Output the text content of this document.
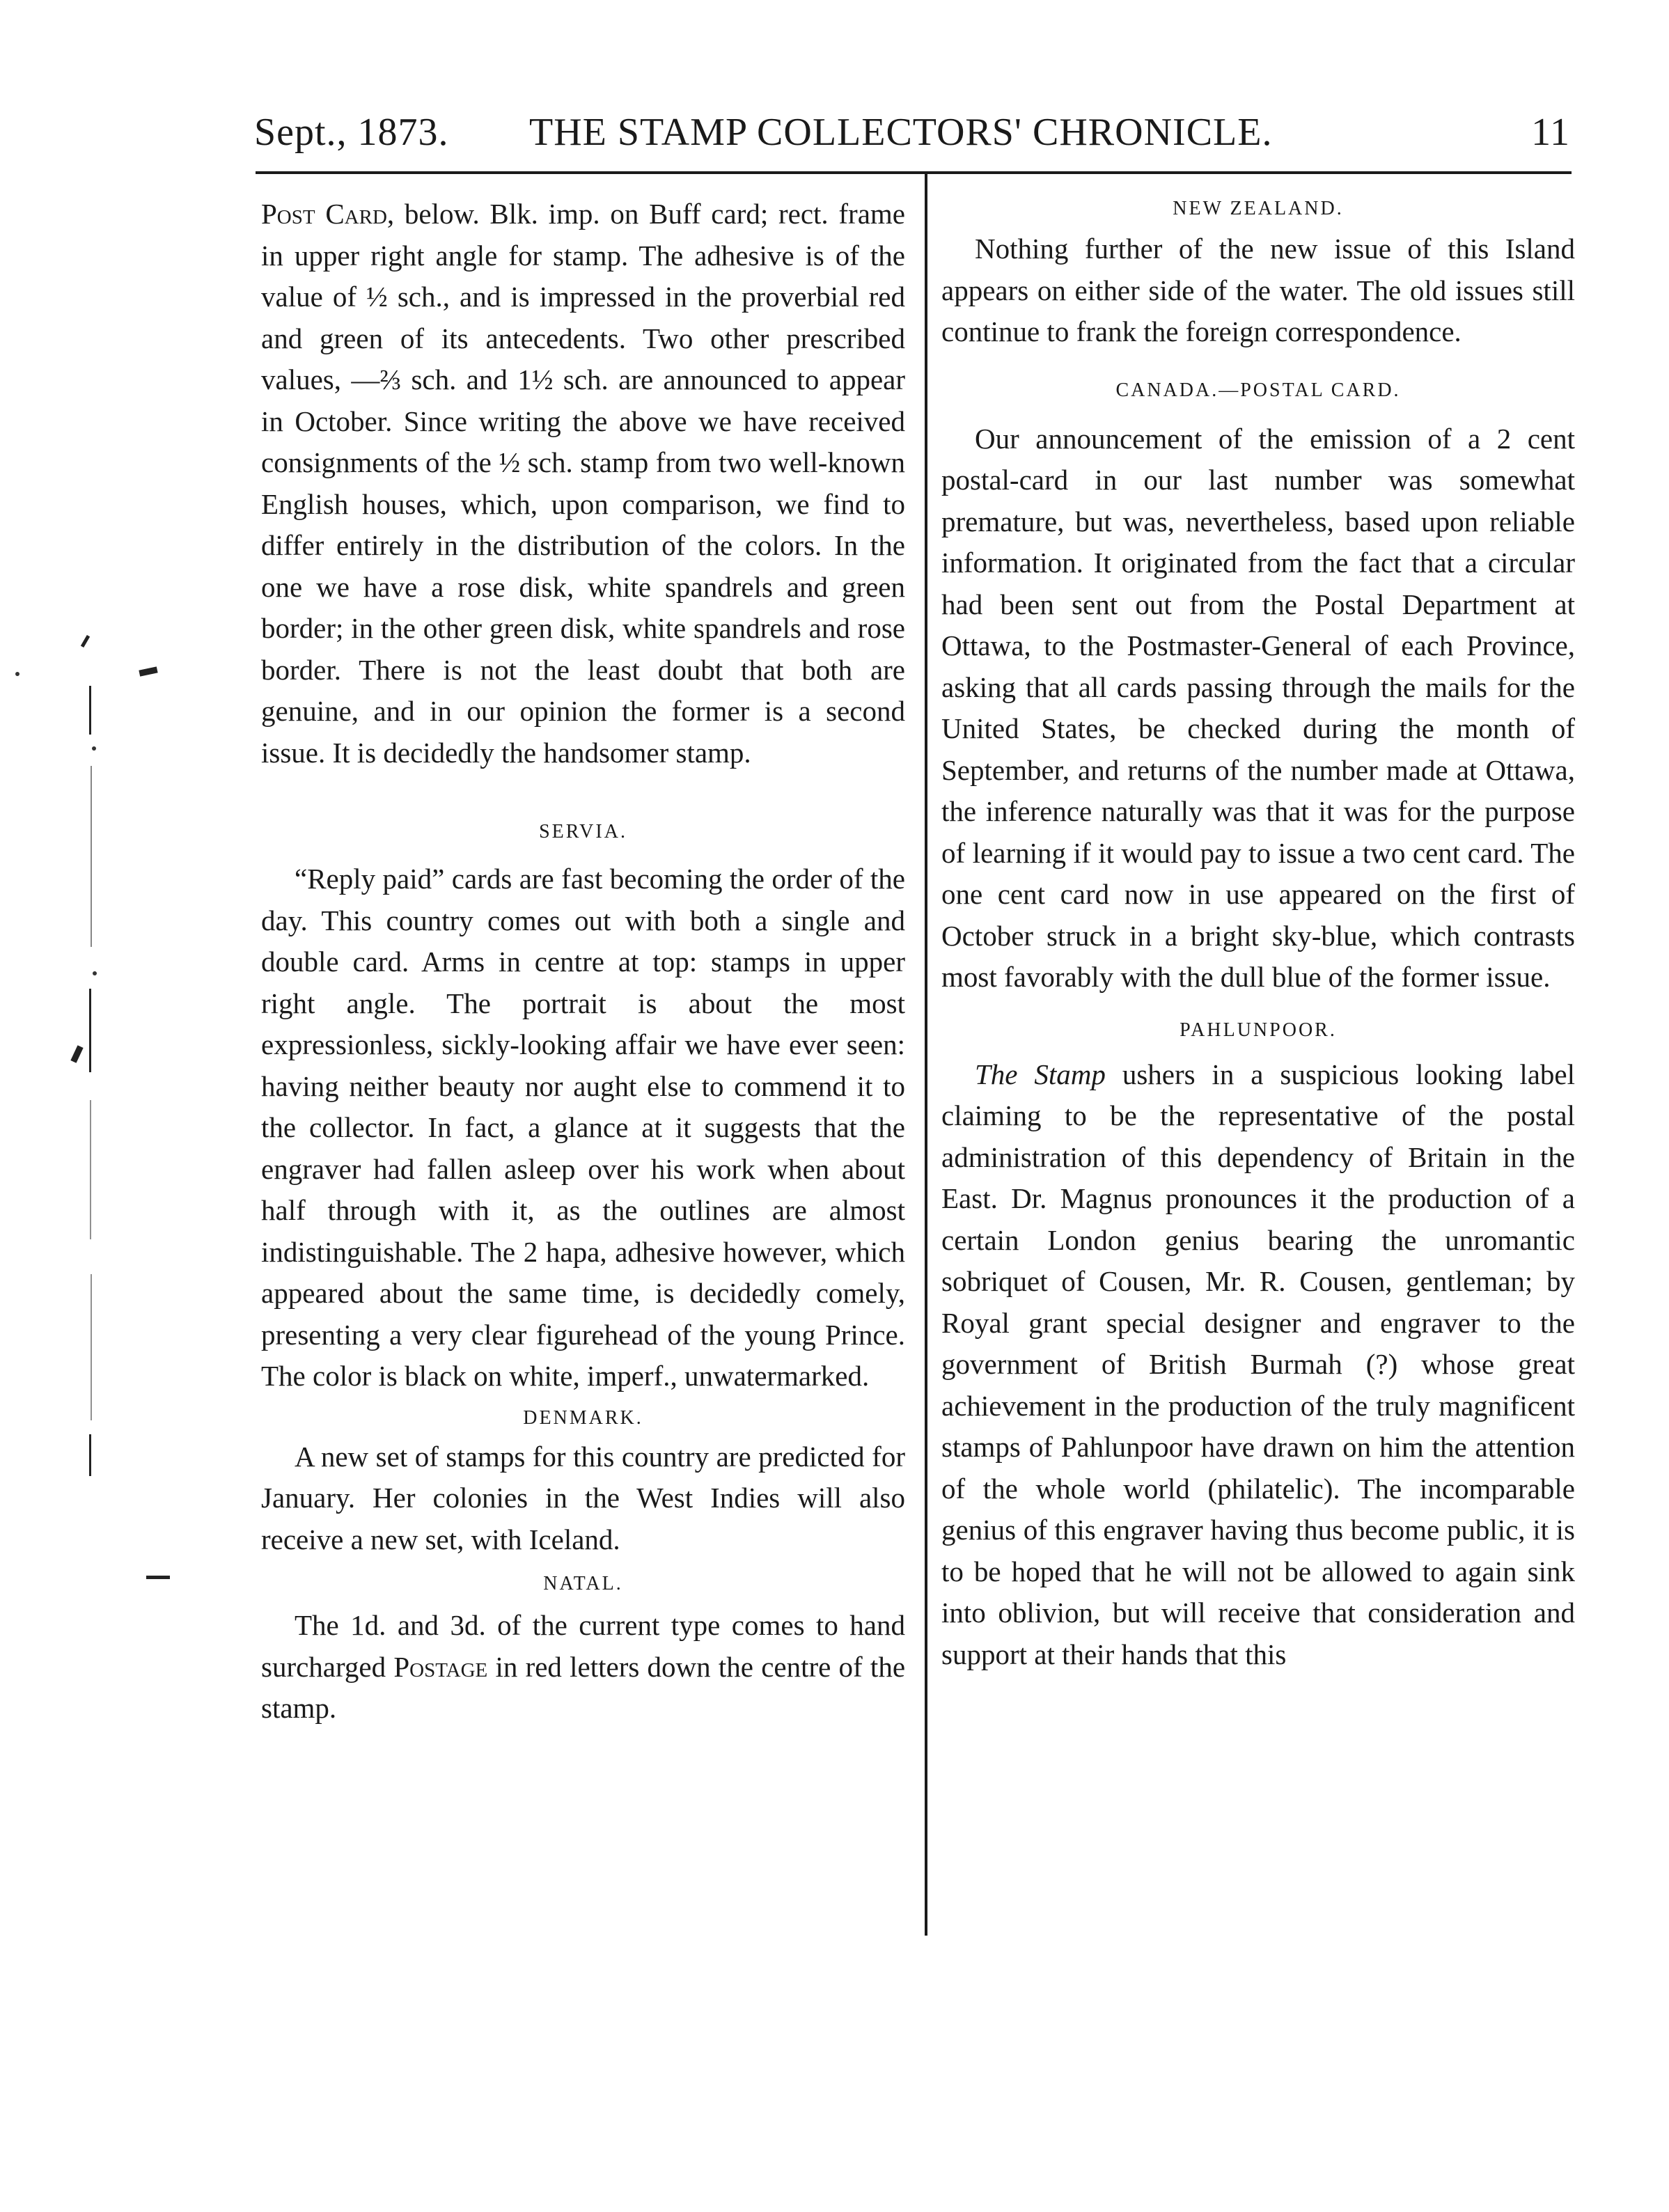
Sept., 1873. THE STAMP COLLECTORS' CHRONICLE.	11

Post Card, below. Blk. imp. on Buff card; rect. frame in upper right angle for stamp. The adhesive is of the value of ½ sch., and is impressed in the proverbial red and green of its antecedents. Two other prescribed values, —⅔ sch. and 1½ sch. are announced to appear in October. Since writing the above we have received consignments of the ½ sch. stamp from two well-known English houses, which, upon comparison, we find to differ entirely in the distribution of the colors. In the one we have a rose disk, white spandrels and green border; in the other green disk, white spandrels and rose border. There is not the least doubt that both are genuine, and in our opinion the former is a second issue. It is decidedly the handsomer stamp.

SERVIA.

“Reply paid” cards are fast becoming the order of the day. This country comes out with both a single and double card. Arms in centre at top: stamps in upper right angle. The portrait is about the most expressionless, sickly-looking affair we have ever seen: having neither beauty nor aught else to commend it to the collector. In fact, a glance at it suggests that the engraver had fallen asleep over his work when about half through with it, as the outlines are almost indistinguishable. The 2 hapa, adhesive however, which appeared about the same time, is decidedly comely, presenting a very clear figurehead of the young Prince. The color is black on white, imperf., unwatermarked.

DENMARK.

A new set of stamps for this country are predicted for January. Her colonies in the West Indies will also receive a new set, with Iceland.

NATAL.

The 1d. and 3d. of the current type comes to hand surcharged Postage in red letters down the centre of the stamp.

NEW ZEALAND.

Nothing further of the new issue of this Island appears on either side of the water. The old issues still continue to frank the foreign correspondence.

CANADA.—POSTAL CARD.

Our announcement of the emission of a 2 cent postal-card in our last number was somewhat premature, but was, nevertheless, based upon reliable information. It originated from the fact that a circular had been sent out from the Postal Department at Ottawa, to the Postmaster-General of each Province, asking that all cards passing through the mails for the United States, be checked during the month of September, and returns of the number made at Ottawa, the inference naturally was that it was for the purpose of learning if it would pay to issue a two cent card. The one cent card now in use appeared on the first of October struck in a bright sky-blue, which contrasts most favorably with the dull blue of the former issue.

PAHLUNPOOR.

The Stamp ushers in a suspicious looking label claiming to be the representative of the postal administration of this dependency of Britain in the East. Dr. Magnus pronounces it the production of a certain London genius bearing the unromantic sobriquet of Cousen, Mr. R. Cousen, gentleman; by Royal grant special designer and engraver to the government of British Burmah (?) whose great achievement in the production of the truly magnificent stamps of Pahlunpoor have drawn on him the attention of the whole world (philatelic). The incomparable genius of this engraver having thus become public, it is to be hoped that he will not be allowed to again sink into oblivion, but will receive that consideration and support at their hands that this
